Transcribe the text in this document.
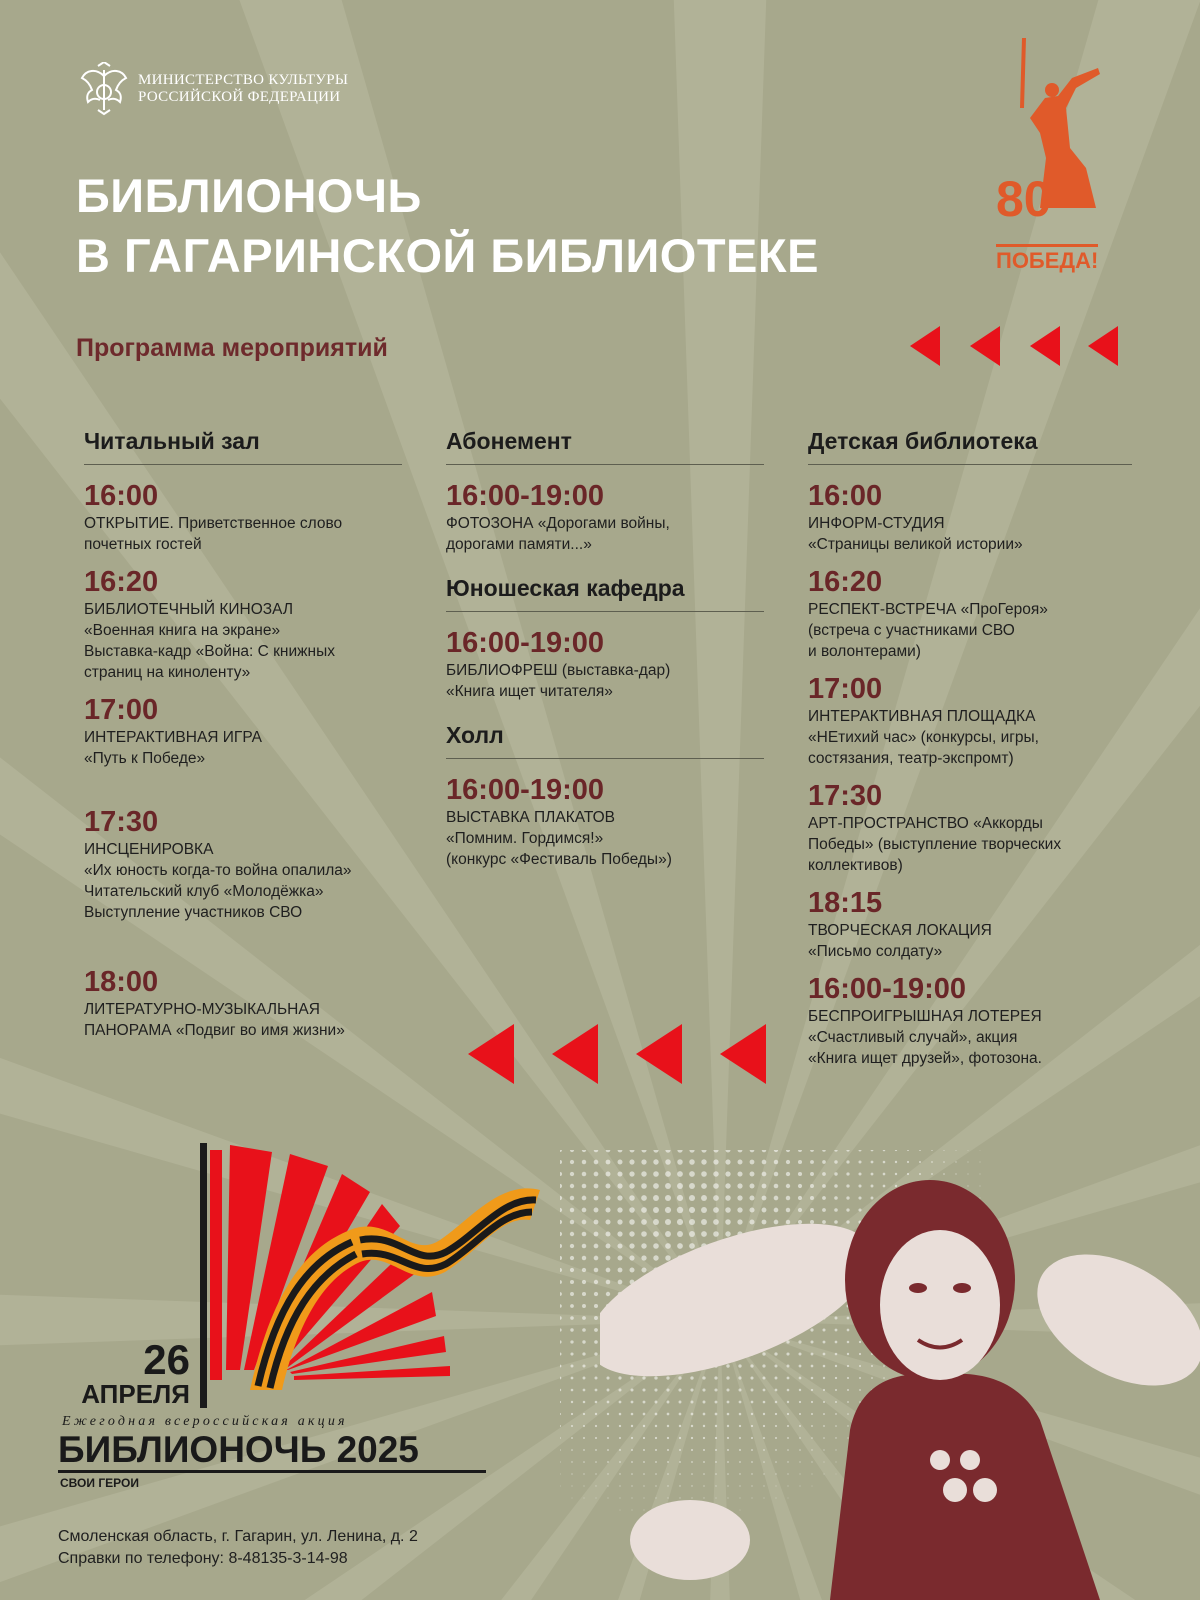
МИНИСТЕРСТВО КУЛЬТУРЫ
РОССИЙСКОЙ ФЕДЕРАЦИИ
БИБЛИОНОЧЬ
В ГАГАРИНСКОЙ БИБЛИОТЕКЕ
80
ПОБЕДА!
Программа мероприятий
Читальный зал
16:00
ОТКРЫТИЕ. Приветственное слово
почетных гостей
16:20
БИБЛИОТЕЧНЫЙ КИНОЗАЛ
«Военная книга на экране»
Выставка-кадр «Война: С книжных
страниц на киноленту»
17:00
ИНТЕРАКТИВНАЯ ИГРА
«Путь к Победе»
17:30
ИНСЦЕНИРОВКА
«Их юность когда-то война опалила»
Читательский клуб «Молодёжка»
Выступление участников СВО
18:00
ЛИТЕРАТУРНО-МУЗЫКАЛЬНАЯ
ПАНОРАМА «Подвиг во имя жизни»
Абонемент
16:00-19:00
ФОТОЗОНА «Дорогами войны,
дорогами памяти...»
Юношеская кафедра
16:00-19:00
БИБЛИОФРЕШ (выставка-дар)
«Книга ищет читателя»
Холл
16:00-19:00
ВЫСТАВКА ПЛАКАТОВ
«Помним. Гордимся!»
(конкурс «Фестиваль Победы»)
Детская библиотека
16:00
ИНФОРМ-СТУДИЯ
«Страницы великой истории»
16:20
РЕСПЕКТ-ВСТРЕЧА «ПроГероя»
(встреча с участниками СВО
и волонтерами)
17:00
ИНТЕРАКТИВНАЯ ПЛОЩАДКА
«НЕтихий час» (конкурсы, игры,
состязания, театр-экспромт)
17:30
АРТ-ПРОСТРАНСТВО «Аккорды
Победы» (выступление творческих
коллективов)
18:15
ТВОРЧЕСКАЯ ЛОКАЦИЯ
«Письмо солдату»
16:00-19:00
БЕСПРОИГРЫШНАЯ ЛОТЕРЕЯ
«Счастливый случай», акция
«Книга ищет друзей», фотозона.
26
АПРЕЛЯ
Ежегодная всероссийская акция
БИБЛИОНОЧЬ 2025
СВОИ ГЕРОИ
Смоленская область, г. Гагарин, ул. Ленина, д. 2
Справки по телефону: 8-48135-3-14-98
